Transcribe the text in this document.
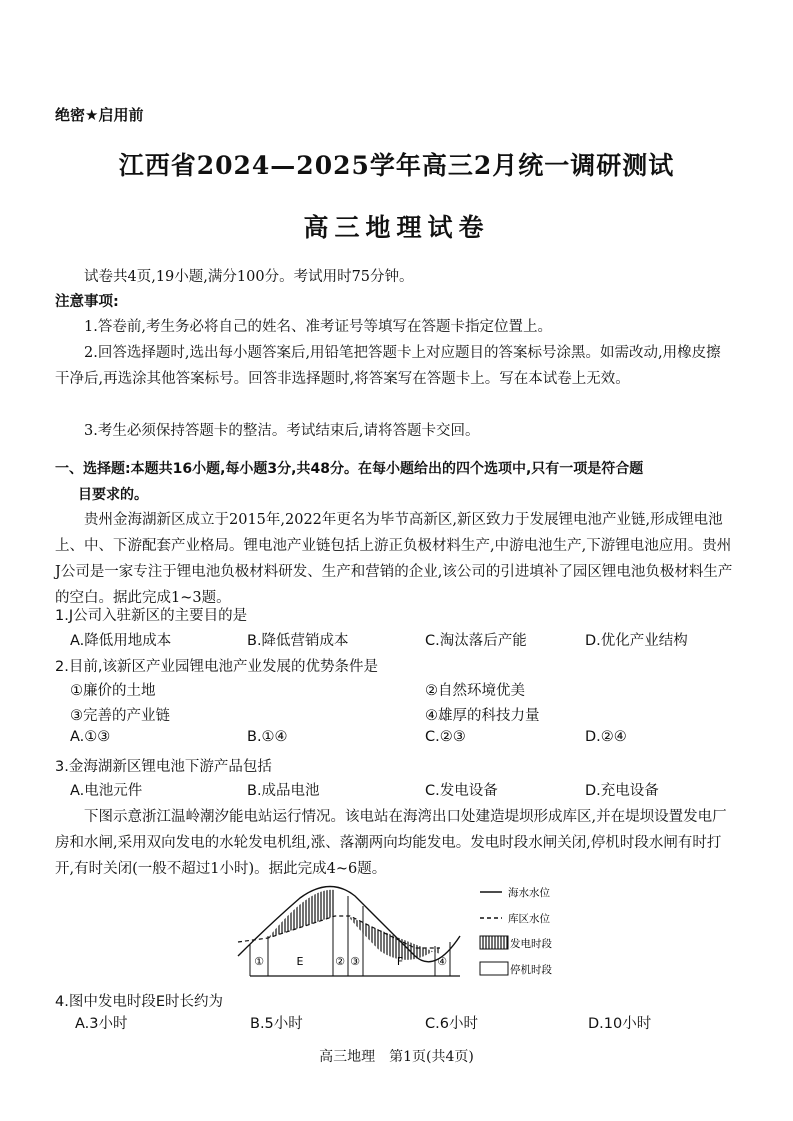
绝密★启用前
江西省2024—2025学年高三2月统一调研测试
高三地理试卷
试卷共4页,19小题,满分100分。考试用时75分钟。
注意事项:
1.答卷前,考生务必将自己的姓名、准考证号等填写在答题卡指定位置上。
2.回答选择题时,选出每小题答案后,用铅笔把答题卡上对应题目的答案标号涂黑。如需改动,用橡皮擦干净后,再选涂其他答案标号。回答非选择题时,将答案写在答题卡上。写在本试卷上无效。
3.考生必须保持答题卡的整洁。考试结束后,请将答题卡交回。
一、选择题:本题共16小题,每小题3分,共48分。在每小题给出的四个选项中,只有一项是符合题
目要求的。
贵州金海湖新区成立于2015年,2022年更名为毕节高新区,新区致力于发展锂电池产业链,形成锂电池上、中、下游配套产业格局。锂电池产业链包括上游正负极材料生产,中游电池生产,下游锂电池应用。贵州J公司是一家专注于锂电池负极材料研发、生产和营销的企业,该公司的引进填补了园区锂电池负极材料生产的空白。据此完成1~3题。
1.J公司入驻新区的主要目的是
A.降低用地成本	B.降低营销成本	C.淘汰落后产能	D.优化产业结构
2.目前,该新区产业园锂电池产业发展的优势条件是
①廉价的土地	②自然环境优美
③完善的产业链	④雄厚的科技力量
A.①③	B.①④	C.②③	D.②④
3.金海湖新区锂电池下游产品包括
A.电池元件	B.成品电池	C.发电设备	D.充电设备
下图示意浙江温岭潮汐能电站运行情况。该电站在海湾出口处建造堤坝形成库区,并在堤坝设置发电厂房和水闸,采用双向发电的水轮发电机组,涨、落潮两向均能发电。发电时段水闸关闭,停机时段水闸有时打开,有时关闭(一般不超过1小时)。据此完成4~6题。
①	E	② ③	F	④
海水水位
库区水位
发电时段
停机时段
4.图中发电时段E时长约为
A.3小时	B.5小时	C.6小时	D.10小时
高三地理　第1页(共4页)
